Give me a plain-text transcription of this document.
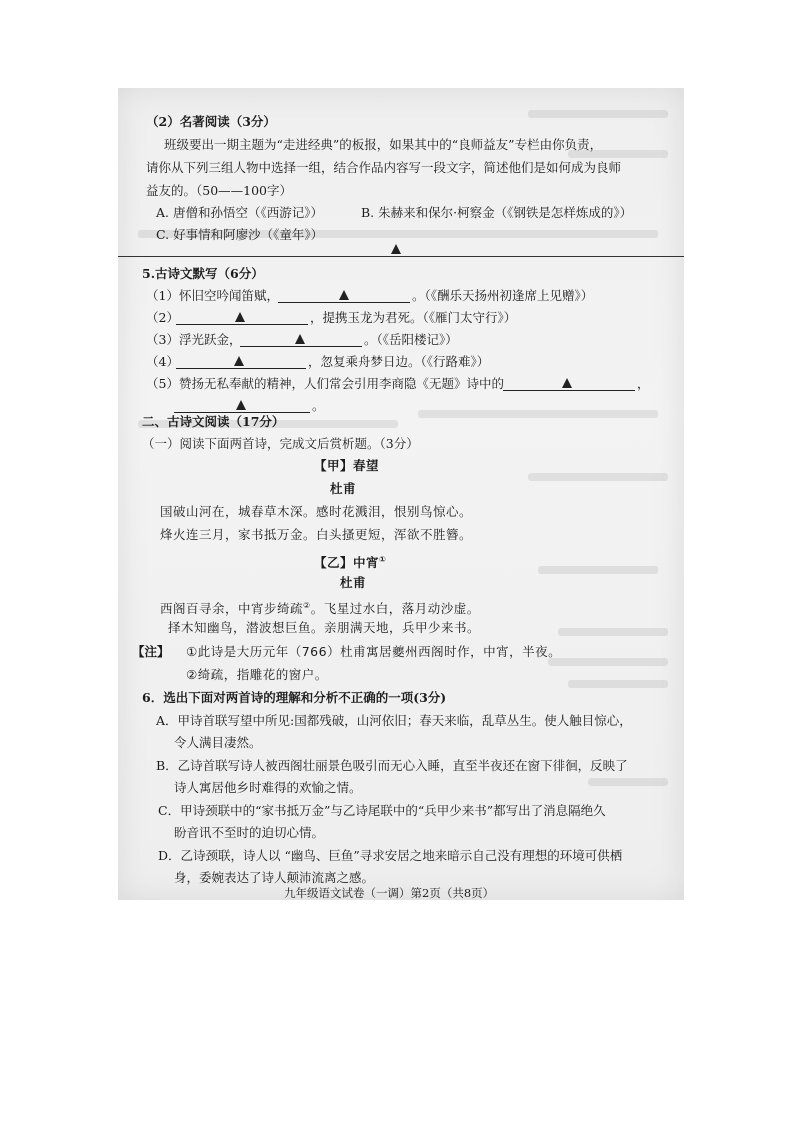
（2）名著阅读（3分）
班级要出一期主题为“走进经典”的板报，如果其中的“良师益友”专栏由你负责，
请你从下列三组人物中选择一组，结合作品内容写一段文字，简述他们是如何成为良师
益友的。（50——100字）
A. 唐僧和孙悟空（《西游记》）	B. 朱赫来和保尔·柯察金（《钢铁是怎样炼成的》）
C. 好事情和阿廖沙（《童年》）
5.古诗文默写（6分）
（1）怀旧空吟闻笛赋，	。（《酬乐天扬州初逢席上见赠》）
（2）	，提携玉龙为君死。（《雁门太守行》）
（3）浮光跃金，	。（《岳阳楼记》）
（4）	，忽复乘舟梦日边。（《行路难》）
（5）赞扬无私奉献的精神，人们常会引用李商隐《无题》诗中的	，
。
二、古诗文阅读（17分）
（一）阅读下面两首诗，完成文后赏析题。（3分）
【甲】春望
杜甫
国破山河在，城春草木深。感时花溅泪，恨别鸟惊心。
烽火连三月，家书抵万金。白头搔更短，浑欲不胜簪。
【乙】中宵①
杜甫
西阁百寻余，中宵步绮疏②。飞星过水白，落月动沙虚。
择木知幽鸟，潜波想巨鱼。亲朋满天地，兵甲少来书。
【注】 ①此诗是大历元年（766）杜甫寓居夔州西阁时作，中宵，半夜。
②绮疏，指雕花的窗户。
6．选出下面对两首诗的理解和分析不正确的一项(3分)
A．甲诗首联写望中所见:国都残破，山河依旧；春天来临，乱草丛生。使人触目惊心，
令人满目凄然。
B．乙诗首联写诗人被西阁壮丽景色吸引而无心入睡，直至半夜还在窗下徘徊，反映了
诗人寓居他乡时难得的欢愉之情。
C．甲诗颈联中的“家书抵万金”与乙诗尾联中的“兵甲少来书”都写出了消息隔绝久
盼音讯不至时的迫切心情。
D．乙诗颈联，诗人以 “幽鸟、巨鱼”寻求安居之地来暗示自己没有理想的环境可供栖
身，委婉表达了诗人颠沛流离之感。
九年级语文试卷（一调）第2页（共8页）
